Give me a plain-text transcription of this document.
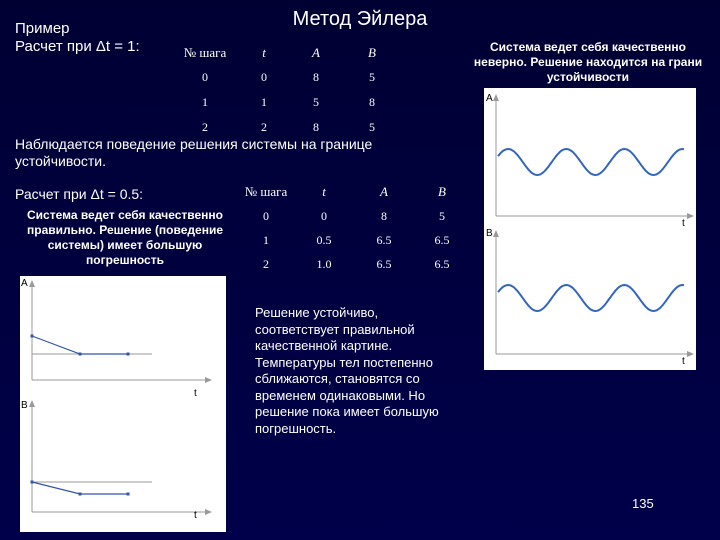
Метод Эйлера
Пример
Расчет при Δt = 1:	№ шага	t	A	B
0	0	8	5
1	1	5	8
2	2	8	5
Наблюдается поведение решения системы на границе устойчивости.
Расчет при Δt = 0.5:	№ шага	t	A	B
0	0	8	5
1	0.5	6.5	6.5
2	1.0	6.5	6.5
Система ведет себя качественно неверно. Решение находится на грани устойчивости
Система ведет себя качественно правильно. Решение (поведение системы) имеет большую погрешность
Решение устойчиво, соответствует правильной качественной картине. Температуры тел постепенно сближаются, становятся со временем одинаковыми. Но решение пока имеет большую погрешность.
A
t
B
t
A
t
B
t
135
